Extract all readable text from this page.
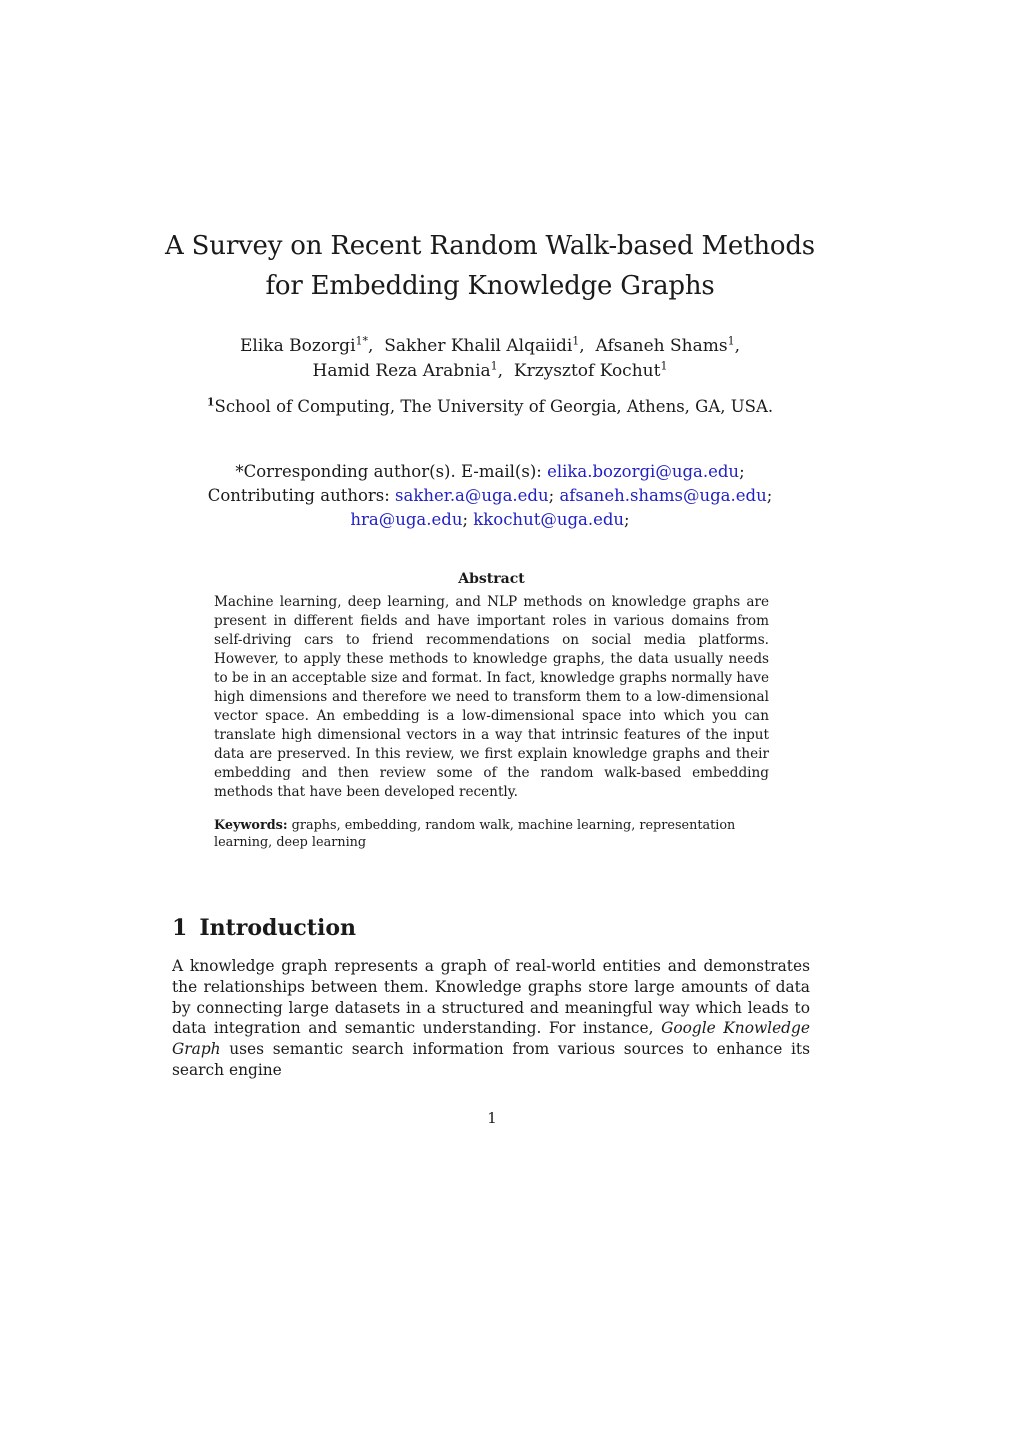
A Survey on Recent Random Walk-based Methods
for Embedding Knowledge Graphs
Elika Bozorgi$^{1*}$,  Sakher Khalil Alqaiidi$^1$,  Afsaneh Shams$^1$,
Hamid Reza Arabnia$^1$,  Krzysztof Kochut$^1$
$^1$School of Computing, The University of Georgia, Athens, GA, USA.
*Corresponding author(s). E-mail(s): elika.bozorgi@uga.edu;
Contributing authors: sakher.a@uga.edu; afsaneh.shams@uga.edu;
hra@uga.edu; kkochut@uga.edu;
Abstract

Machine learning, deep learning, and NLP methods on knowledge graphs are present in different fields and have important roles in various domains from self-driving cars to friend recommendations on social media platforms. However, to apply these methods to knowledge graphs, the data usually needs to be in an acceptable size and format. In fact, knowledge graphs normally have high dimensions and therefore we need to transform them to a low-dimensional vector space. An embedding is a low-dimensional space into which you can translate high dimensional vectors in a way that intrinsic features of the input data are preserved. In this review, we first explain knowledge graphs and their embedding and then review some of the random walk-based embedding methods that have been developed recently.

Keywords: graphs, embedding, random walk, machine learning, representation learning, deep learning

1 Introduction

A knowledge graph represents a graph of real-world entities and demonstrates the relationships between them. Knowledge graphs store large amounts of data by connecting large datasets in a structured and meaningful way which leads to data integration and semantic understanding. For instance, Google Knowledge Graph uses semantic search information from various sources to enhance its search engine

1
